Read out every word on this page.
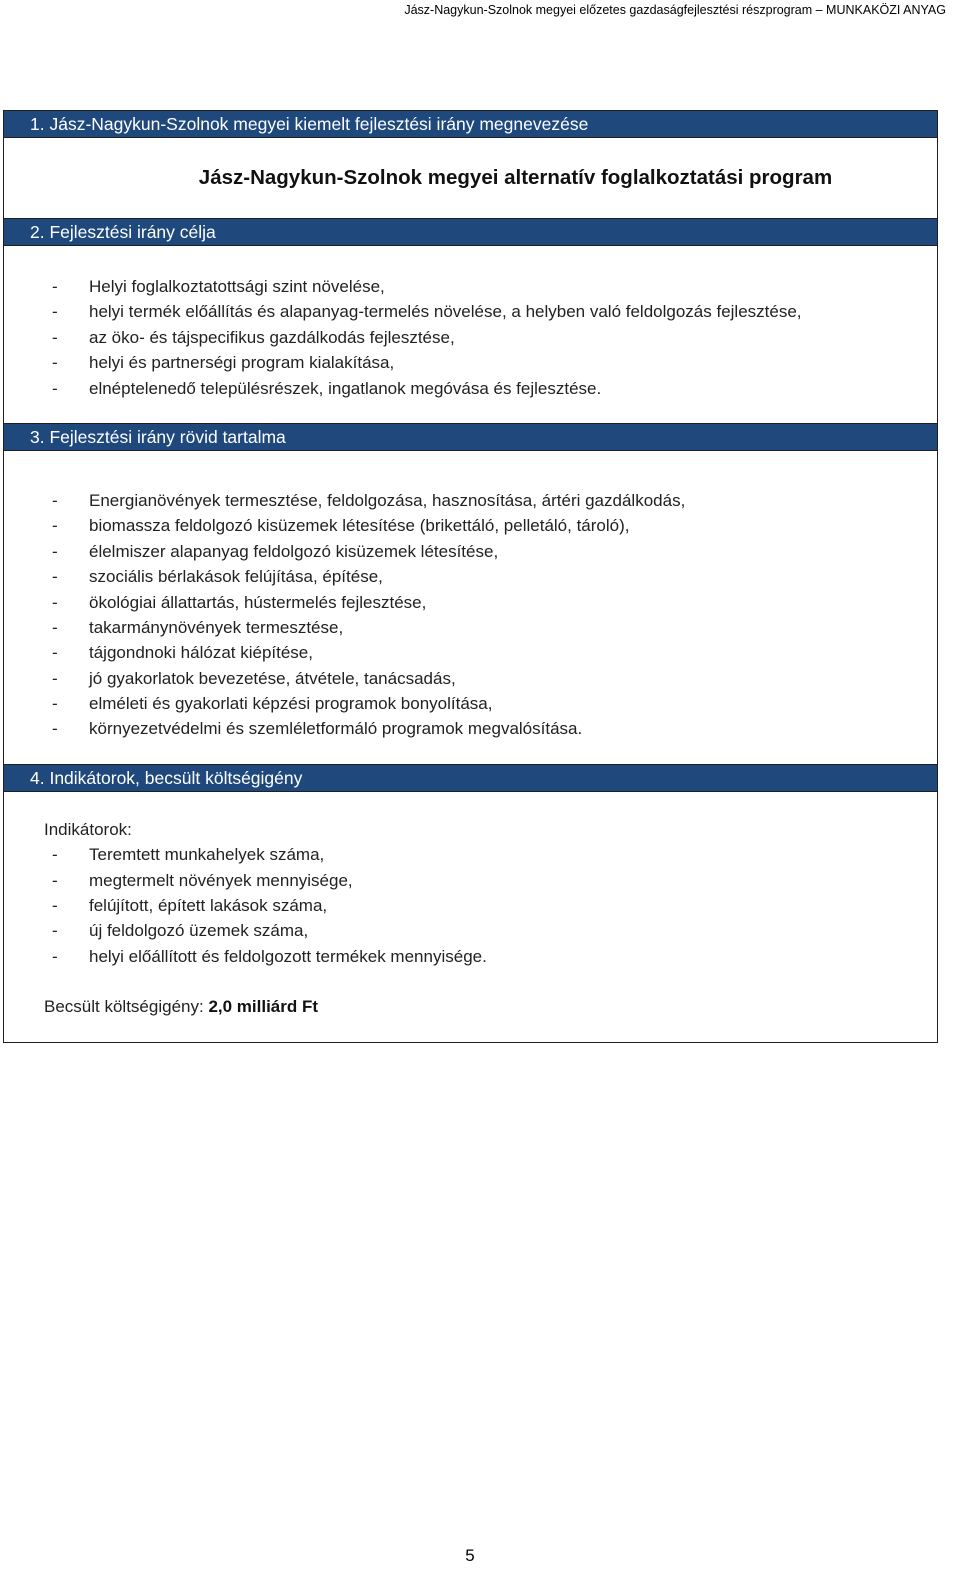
Jász-Nagykun-Szolnok megyei előzetes gazdaságfejlesztési részprogram – MUNKAKÖZI ANYAG
1. Jász-Nagykun-Szolnok megyei kiemelt fejlesztési irány megnevezése
Jász-Nagykun-Szolnok megyei alternatív foglalkoztatási program
2. Fejlesztési irány célja
- Helyi foglalkoztatottsági szint növelése,
- helyi termék előállítás és alapanyag-termelés növelése, a helyben való feldolgozás fejlesztése,
- az öko- és tájspecifikus gazdálkodás fejlesztése,
- helyi és partnerségi program kialakítása,
- elnéptelenedő településrészek, ingatlanok megóvása és fejlesztése.
3. Fejlesztési irány rövid tartalma
- Energianövények termesztése, feldolgozása, hasznosítása, ártéri gazdálkodás,
- biomassza feldolgozó kisüzemek létesítése (brikettáló, pelletáló, tároló),
- élelmiszer alapanyag feldolgozó kisüzemek létesítése,
- szociális bérlakások felújítása, építése,
- ökológiai állattartás, hústermelés fejlesztése,
- takarmánynövények termesztése,
- tájgondnoki hálózat kiépítése,
- jó gyakorlatok bevezetése, átvétele, tanácsadás,
- elméleti és gyakorlati képzési programok bonyolítása,
- környezetvédelmi és szemléletformáló programok megvalósítása.
4. Indikátorok, becsült költségigény
Indikátorok:
- Teremtett munkahelyek száma,
- megtermelt növények mennyisége,
- felújított, épített lakások száma,
- új feldolgozó üzemek száma,
- helyi előállított és feldolgozott termékek mennyisége.
Becsült költségigény: 2,0 milliárd Ft
5
